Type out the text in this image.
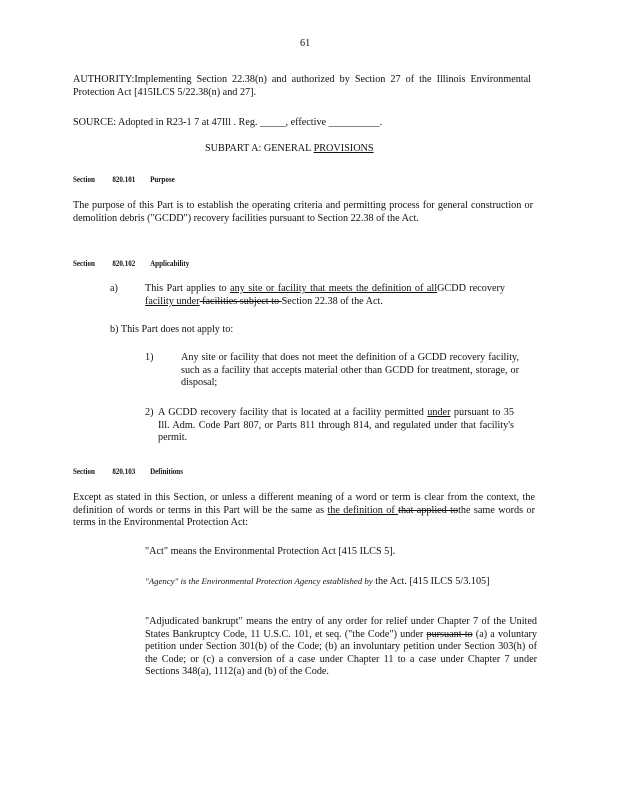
61
AUTHORITY:Implementing Section 22.38(n) and authorized by Section 27 of the Illinois Environmental Protection Act [415ILCS 5/22.38(n) and 27].
SOURCE: Adopted in R23-1 7 at 47Ill . Reg. _____, effective __________.
SUBPART A: GENERAL PROVISIONS
Section 820.101 Purpose
The purpose of this Part is to establish the operating criteria and permitting process for general construction or demolition debris ("GCDD") recovery facilities pursuant to Section 22.38 of the Act.
Section 820.102 Applicability
a)	This Part applies to any site or facility that meets the definition of allGCDD recovery facility under facilities subject to Section 22.38 of the Act.
b) This Part does not apply to:
1)	Any site or facility that does not meet the definition of a GCDD recovery facility, such as a facility that accepts material other than GCDD for treatment, storage, or disposal;
2) A GCDD recovery facility that is located at a facility permitted under pursuant to 35 Ill. Adm. Code Part 807, or Parts 811 through 814, and regulated under that facility's permit.
Section 820.103 Definitions
Except as stated in this Section, or unless a different meaning of a word or term is clear from the context, the definition of words or terms in this Part will be the same as the definition of that applied tothe same words or terms in the Environmental Protection Act:
"Act" means the Environmental Protection Act [415 ILCS 5].
"Agency" is the Environmental Protection Agency established by the Act. [415 ILCS 5/3.105]
"Adjudicated bankrupt" means the entry of any order for relief under Chapter 7 of the United States Bankruptcy Code, 11 U.S.C. 101, et seq. ("the Code") under pursuant to (a) a voluntary petition under Section 301(b) of the Code; (b) an involuntary petition under Section 303(h) of the Code; or (c) a conversion of a case under Chapter 11 to a case under Chapter 7 under Sections 348(a), 1112(a) and (b) of the Code.
